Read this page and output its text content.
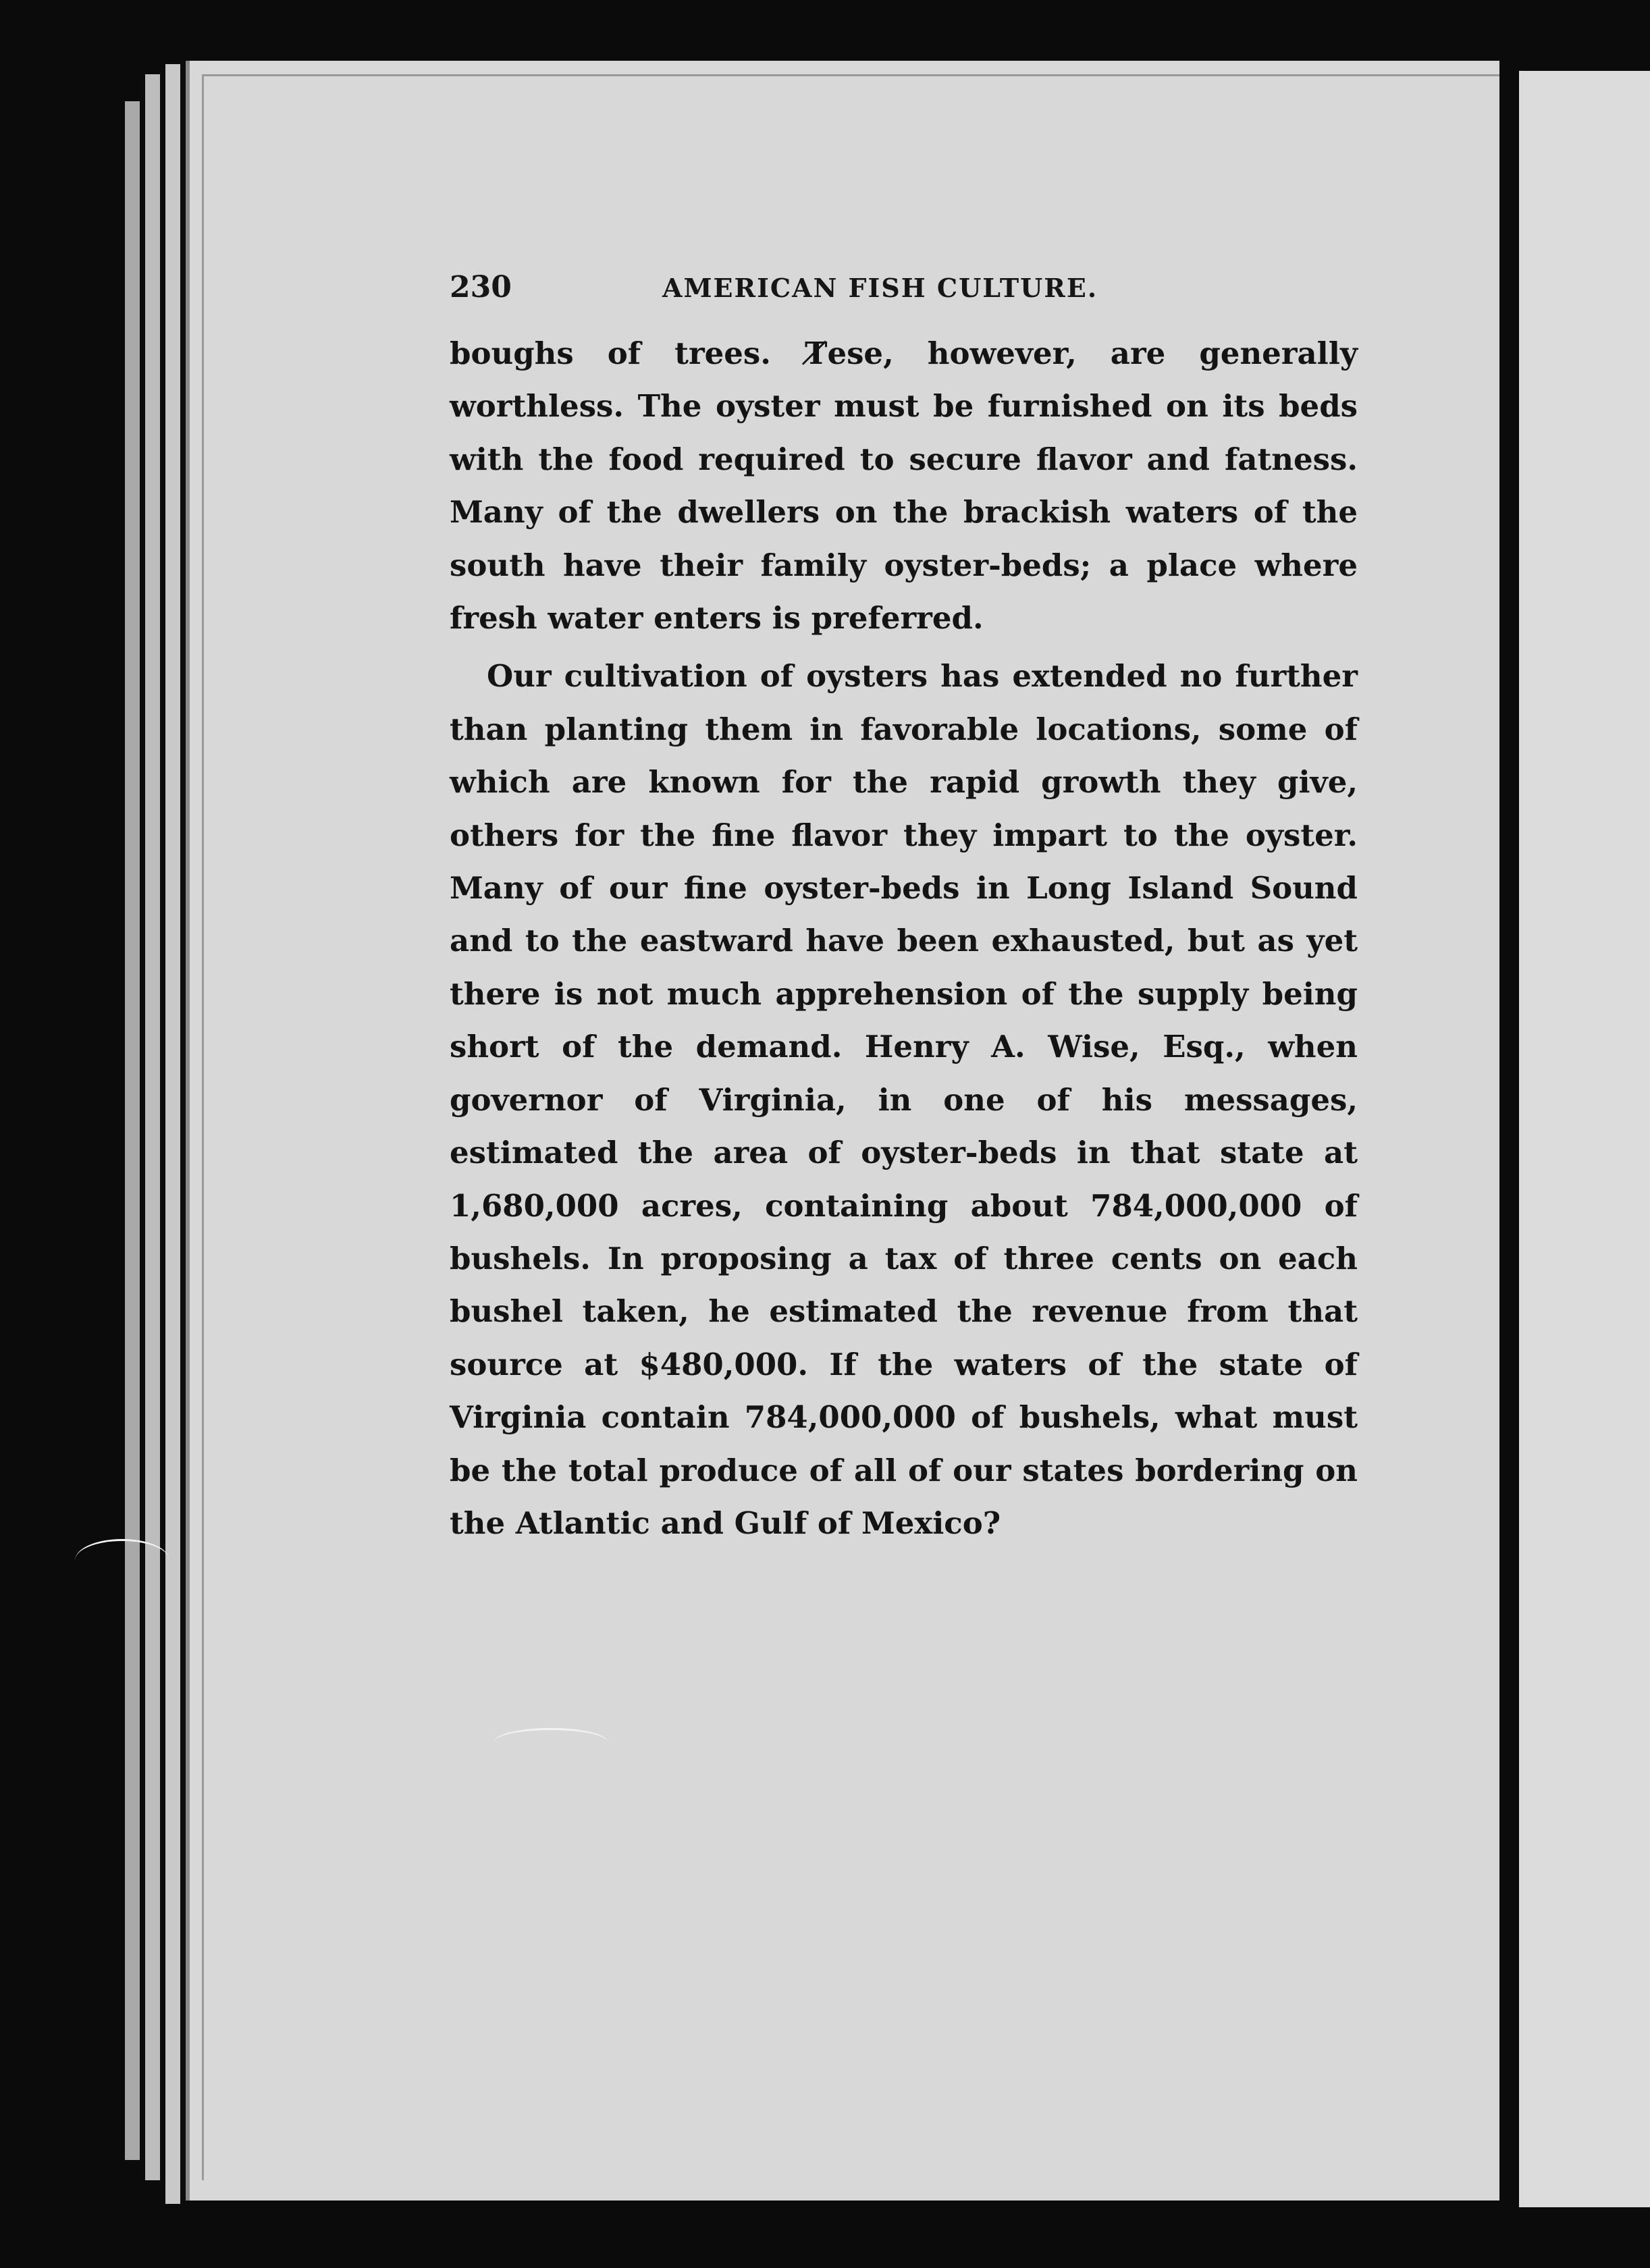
230	AMERICAN FISH CULTURE.

boughs of trees. T̸ese, however, are generally worthless. The oyster must be furnished on its beds with the food required to secure flavor and fatness. Many of the dwellers on the brackish waters of the south have their family oyster-beds; a place where fresh water enters is preferred.

Our cultivation of oysters has extended no further than planting them in favorable locations, some of which are known for the rapid growth they give, others for the fine flavor they impart to the oyster. Many of our fine oyster-beds in Long Island Sound and to the eastward have been exhausted, but as yet there is not much apprehension of the supply being short of the demand. Henry A. Wise, Esq., when governor of Virginia, in one of his messages, estimated the area of oyster-beds in that state at 1,680,000 acres, containing about 784,000,000 of bushels. In proposing a tax of three cents on each bushel taken, he estimated the revenue from that source at $480,000. If the waters of the state of Virginia contain 784,000,000 of bushels, what must be the total produce of all of our states bordering on the Atlantic and Gulf of Mexico?
